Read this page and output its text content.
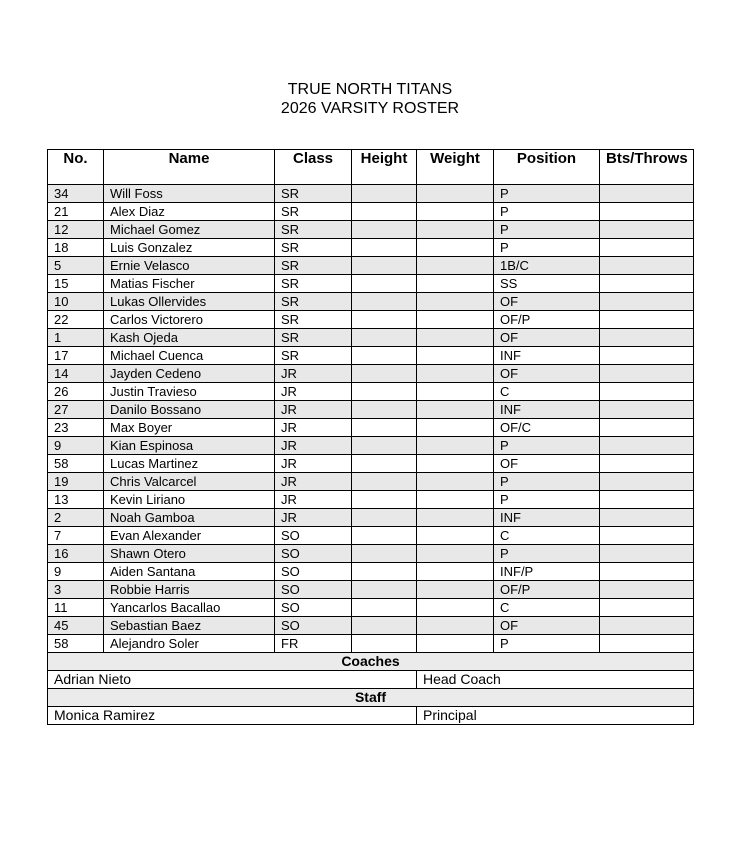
TRUE NORTH TITANS
2026 VARSITY ROSTER
No.	Name	Class	Height	Weight	Position	Bts/Throws
34	Will Foss	SR			P	
21	Alex Diaz	SR			P	
12	Michael Gomez	SR			P	
18	Luis Gonzalez	SR			P	
5	Ernie Velasco	SR			1B/C	
15	Matias Fischer	SR			SS	
10	Lukas Ollervides	SR			OF	
22	Carlos Victorero	SR			OF/P	
1	Kash Ojeda	SR			OF	
17	Michael Cuenca	SR			INF	
14	Jayden Cedeno	JR			OF	
26	Justin Travieso	JR			C	
27	Danilo Bossano	JR			INF	
23	Max Boyer	JR			OF/C	
9	Kian Espinosa	JR			P	
58	Lucas Martinez	JR			OF	
19	Chris Valcarcel	JR			P	
13	Kevin Liriano	JR			P	
2	Noah Gamboa	JR			INF	
7	Evan Alexander	SO			C	
16	Shawn Otero	SO			P	
9	Aiden Santana	SO			INF/P	
3	Robbie Harris	SO			OF/P	
11	Yancarlos Bacallao	SO			C	
45	Sebastian Baez	SO			OF	
58	Alejandro Soler	FR			P	
Coaches						
Adrian Nieto				Head Coach		
Staff						
Monica Ramirez				Principal		
